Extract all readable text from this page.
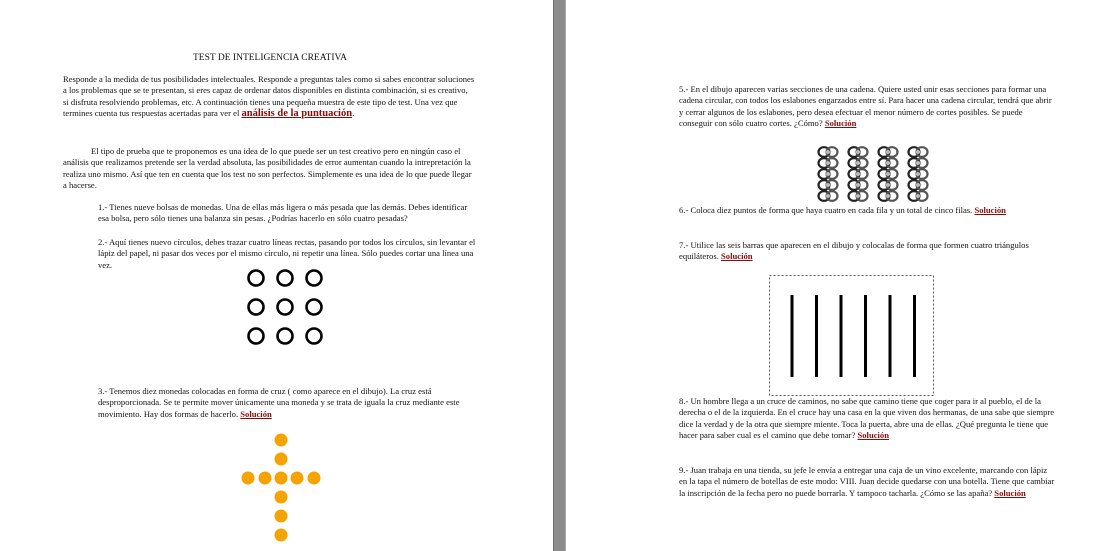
TEST DE INTELIGENCIA CREATIVA

Responde a la medida de tus posibilidades intelectuales. Responde a preguntas tales como si sabes encontrar soluciones a los problemas que se te presentan, si eres capaz de ordenar datos disponibles en distinta combinación, si es creativo, si disfruta resolviendo problemas, etc. A continuación tienes una pequeña muestra de este tipo de test. Una vez que termines cuenta tus respuestas acertadas para ver el análisis de la puntuación.

El tipo de prueba que te proponemos es una idea de lo que puede ser un test creativo pero en ningún caso el análisis que realizamos pretende ser la verdad absoluta, las posibilidades de error aumentan cuando la intrepretación la realiza uno mismo. Así que ten en cuenta que los test no son perfectos. Simplemente es una idea de lo que puede llegar a hacerse.

1.- Tienes nueve bolsas de monedas. Una de ellas más ligera o más pesada que las demás. Debes identificar esa bolsa, pero sólo tienes una balanza sin pesas. ¿Podrías hacerlo en sólo cuatro pesadas?

2.- Aquí tienes nuevo círculos, debes trazar cuatro líneas rectas, pasando por todos los círculos, sin levantar el lápiz del papel, ni pasar dos veces por el mismo círculo, ni repetir una línea. Sólo puedes cortar una línea una vez.

3.- Tenemos diez monedas colocadas en forma de cruz ( como aparece en el dibujo). La cruz está desproporcionada. Se te permite mover únicamente una moneda y se trata de iguala la cruz mediante este movimiento. Hay dos formas de hacerlo. Solución

5.- En el dibujo aparecen varias secciones de una cadena. Quiere usted unir esas secciones para formar una cadena circular, con todos los eslabones engarzados entre sí. Para hacer una cadena circular, tendrá que abrir y cerrar algunos de los eslabones, pero desea efectuar el menor número de cortes posibles. Se puede conseguir con sólo cuatro cortes. ¿Cómo? Solución

6.- Coloca diez puntos de forma que haya cuatro en cada fila y un total de cinco filas. Solución

7.- Utilice las seis barras que aparecen en el dibujo y colocalas de forma que formen cuatro triángulos equiláteros. Solución

8.- Un hombre llega a un cruce de caminos, no sabe que camino tiene que coger para ir al pueblo, el de la derecha o el de la izquierda. En el cruce hay una casa en la que viven dos hermanas, de una sabe que siempre dice la verdad y de la otra que siempre miente. Toca la puerta, abre una de ellas. ¿Qué pregunta le tiene que hacer para saber cual es el camino que debe tomar? Solución

9.- Juan trabaja en una tienda, su jefe le envía a entregar una caja de un vino excelente, marcando con lápiz en la tapa el número de botellas de este modo: VIII. Juan decide quedarse con una botella. Tiene que cambiar la inscripción de la fecha pero no puede borrarla. Y tampoco tacharla. ¿Cómo se las apaña? Solución
